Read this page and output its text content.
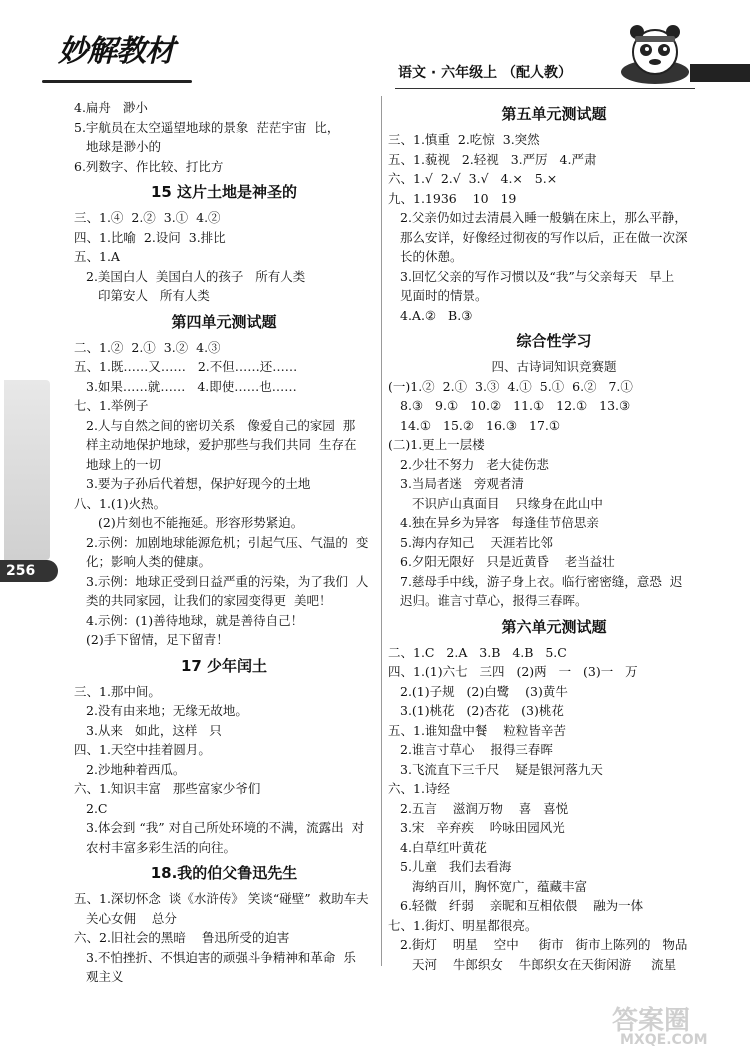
妙解教材
语文 · 六年级上 （配人教）
256
4.扁舟   渺小
5.宇航员在太空遥望地球的景象  茫茫宇宙  比，
地球是渺小的
6.列数字、作比较、打比方
15 这片土地是神圣的
三、1.④  2.②  3.①  4.②
四、1.比喻  2.设问  3.排比
五、1.A
2.美国白人  美国白人的孩子   所有人类
印第安人   所有人类
第四单元测试题
二、1.②  2.①  3.②  4.③
五、1.既……又……   2.不但……还……
3.如果……就……   4.即使……也……
七、1.举例子
2.人与自然之间的密切关系   像爱自己的家园  那
样主动地保护地球，爱护那些与我们共同  生存在
地球上的一切
3.要为子孙后代着想，保护好现今的土地
八、1.(1)火热。
(2)片刻也不能拖延。形容形势紧迫。
2.示例：加剧地球能源危机；引起气压、气温的  变
化；影响人类的健康。
3.示例：地球正受到日益严重的污染，为了我们  人
类的共同家园，让我们的家园变得更  美吧！
4.示例：(1)善待地球，就是善待自己！
(2)手下留情，足下留青！
17 少年闰土
三、1.那中间。
2.没有由来地；无缘无故地。
3.从来   如此，这样   只
四、1.天空中挂着圆月。
2.沙地种着西瓜。
六、1.知识丰富   那些富家少爷们
2.C
3.体会到 “我” 对自己所处环境的不满，流露出  对
农村丰富多彩生活的向往。
18.我的伯父鲁迅先生
五、1.深切怀念  谈《水浒传》 笑谈“碰壁”  救助车夫
关心女佣    总分
六、2.旧社会的黑暗    鲁迅所受的迫害
3.不怕挫折、不惧迫害的顽强斗争精神和革命  乐
观主义
第五单元测试题
三、1.慎重  2.吃惊  3.突然
五、1.藐视   2.轻视   3.严厉   4.严肃
六、1.√  2.√  3.√   4.×   5.×
九、1.1936    10   19
2.父亲仍如过去清晨入睡一般躺在床上，那么平静，
那么安详，好像经过彻夜的写作以后，正在做一次深
长的休憩。
3.回忆父亲的写作习惯以及“我”与父亲每天   早上
见面时的情景。
4.A.②   B.③
综合性学习
四、古诗词知识竞赛题
(一)1.②  2.①  3.③  4.①  5.①  6.②   7.①
8.③   9.①   10.②   11.①   12.①   13.③
14.①   15.②   16.③   17.①
(二)1.更上一层楼
2.少壮不努力   老大徒伤悲
3.当局者迷   旁观者清
不识庐山真面目    只缘身在此山中
4.独在异乡为异客   每逢佳节倍思亲
5.海内存知己    天涯若比邻
6.夕阳无限好   只是近黄昏    老当益壮
7.慈母手中线，游子身上衣。临行密密缝，意恐  迟
迟归。谁言寸草心，报得三春晖。
第六单元测试题
二、1.C   2.A   3.B   4.B   5.C
四、1.(1)六七   三四   (2)两   一   (3)一   万
2.(1)子规   (2)白鹭    (3)黄牛
3.(1)桃花   (2)杏花   (3)桃花
五、1.谁知盘中餐    粒粒皆辛苦
2.谁言寸草心    报得三春晖
3.飞流直下三千尺    疑是银河落九天
六、1.诗经
2.五言    滋润万物    喜   喜悦
3.宋   辛弃疾    吟咏田园风光
4.白草红叶黄花
5.儿童   我们去看海
海纳百川，胸怀宽广，蕴藏丰富
6.轻微   纤弱    亲昵和互相依偎    融为一体
七、1.街灯、明星都很亮。
2.街灯    明星    空中     街市   街市上陈列的   物品
天河    牛郎织女    牛郎织女在天街闲游     流星
答案圈
MXQE.COM
